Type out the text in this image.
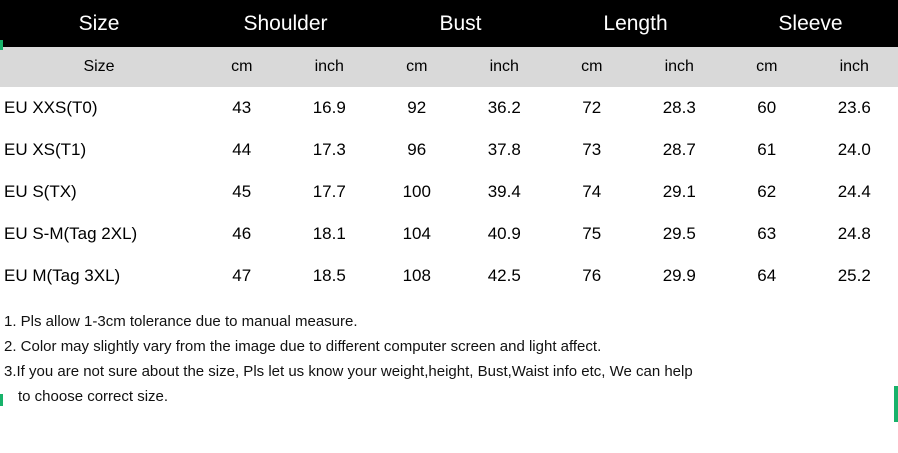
Size	Shoulder		Bust		Length		Sleeve	
Size	cm	inch	cm	inch	cm	inch	cm	inch
EU XXS(T0)	43	16.9	92	36.2	72	28.3	60	23.6
EU XS(T1)	44	17.3	96	37.8	73	28.7	61	24.0
EU S(TX)	45	17.7	100	39.4	74	29.1	62	24.4
EU S-M(Tag 2XL)	46	18.1	104	40.9	75	29.5	63	24.8
EU M(Tag 3XL)	47	18.5	108	42.5	76	29.9	64	25.2
1. Pls allow 1-3cm tolerance due to manual measure.
2. Color may slightly vary from the image due to different computer screen and light affect.
3.If you are not sure about the size, Pls let us know your weight,height, Bust,Waist info etc, We can help
to choose correct size.
